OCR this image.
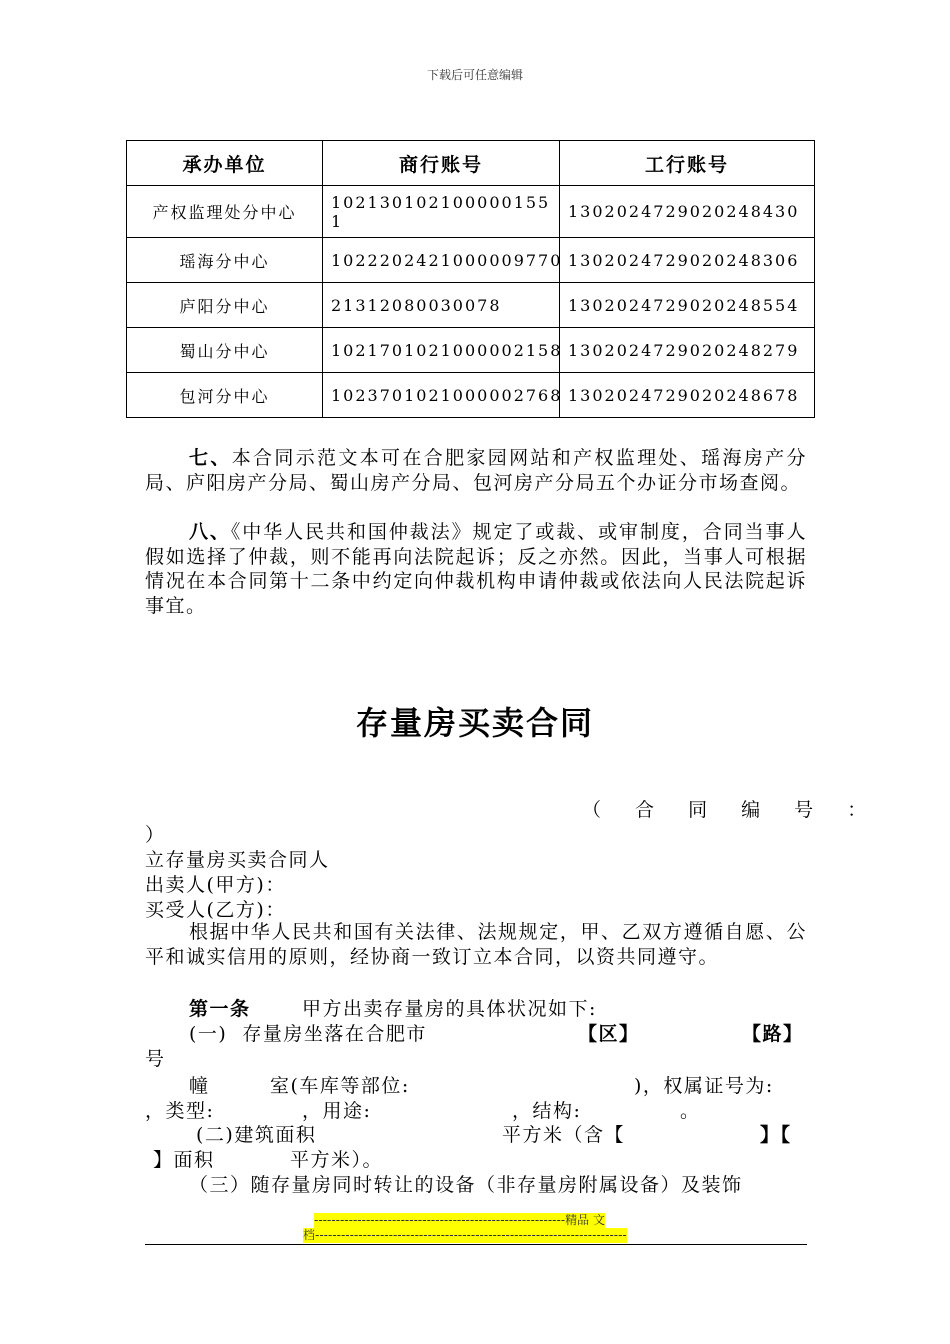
下载后可任意编辑
承办单位	商行账号	工行账号
产权监理处分中心	102130102100000155​1	1302024729020248430
瑶海分中心	1022202421000009770	1302024729020248306
庐阳分中心	21312080030078	1302024729020248554
蜀山分中心	1021701021000002158	1302024729020248279
包河分中心	1023701021000002768	1302024729020248678

七、本合同示范文本可在合肥家园网站和产权监理处、瑶海房产分局、庐阳房产分局、蜀山房产分局、包河房产分局五个办证分市场查阅。

八、《中华人民共和国仲裁法》规定了或裁、或审制度，合同当事人假如选择了仲裁，则不能再向法院起诉；反之亦然。因此，当事人可根据情况在本合同第十二条中约定向仲裁机构申请仲裁或依法向人民法院起诉事宜。

存量房买卖合同
（ 合 同 编 号 ：
）
立存量房买卖合同人
出卖人(甲方)：
买受人(乙方)：

根据中华人民共和国有关法律、法规规定，甲、乙双方遵循自愿、公平和诚实信用的原则，经协商一致订立本合同，以资共同遵守。

第一条	甲方出卖存量房的具体状况如下:
(一)  存量房坐落在合肥市	【区】	【路】
号
幢	室(车库等部位:	)，权属证号为:
，类型:	，用途:	，结构:	。
(二)建筑面积	平方米（含【	】【
】面积	平方米）。
（三）随存量房同时转让的设备（非存量房附属设备）及装饰
----------------------------------------------------------精品 文
档------------------------------------------------------------------------
